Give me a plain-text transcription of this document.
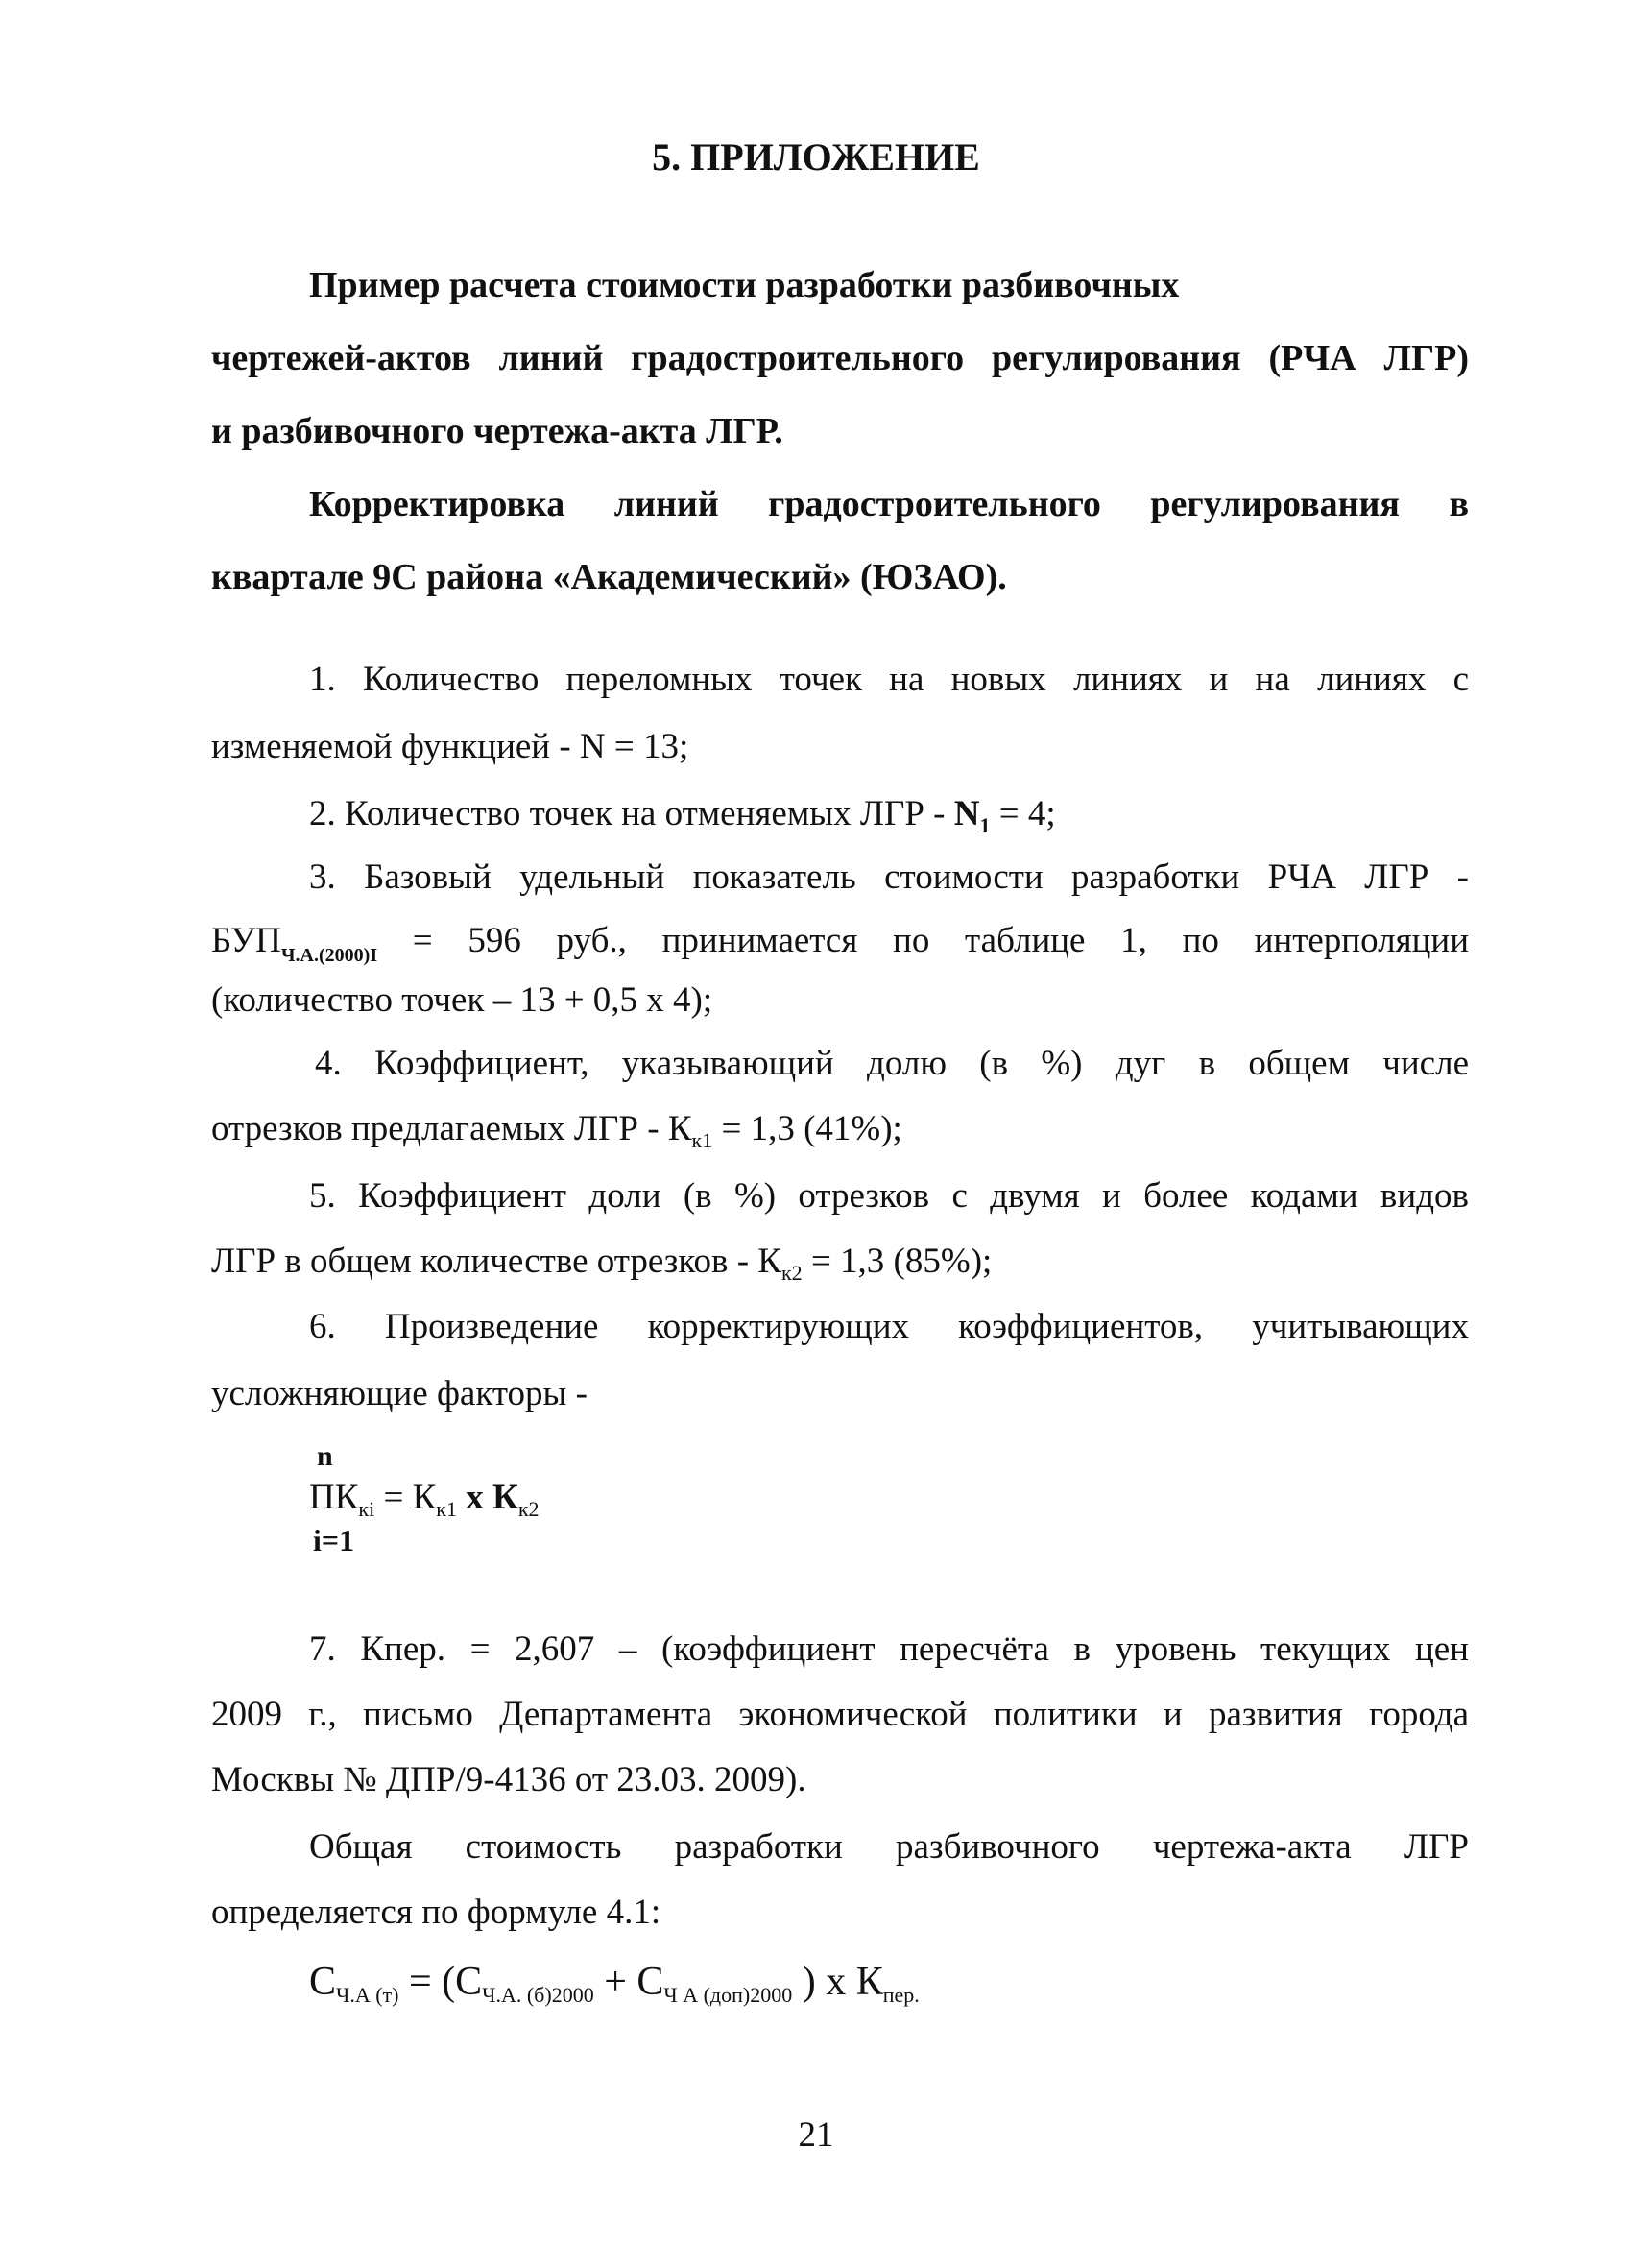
5. ПРИЛОЖЕНИЕ
Пример расчета стоимости разработки разбивочных
чертежей-актов линий градостроительного регулирования (РЧА ЛГР)
и разбивочного чертежа-акта ЛГР.
Корректировка линий градостроительного регулирования в
квартале 9С района «Академический» (ЮЗАО).
1. Количество переломных точек на новых линиях и на линиях с
изменяемой функцией - N = 13;
2. Количество точек на отменяемых ЛГР - $N_1 = 4$;
3. Базовый удельный показатель стоимости разработки РЧА ЛГР -
$БУП_{Ч.А.(2000)I} = 596$ руб., принимается по таблице 1, по интерполяции
(количество точек – 13 + 0,5 х 4);
4. Коэффициент, указывающий долю (в %) дуг в общем числе
отрезков предлагаемых ЛГР - $К_{к1} = 1,3$ (41%);
5. Коэффициент доли (в %) отрезков с двумя и более кодами видов
ЛГР в общем количестве отрезков - $К_{к2} = 1,3$ (85%);
6. Произведение корректирующих коэффициентов, учитывающих
усложняющие факторы -
n
$ПК_{кi} = К_{к1}$ х $К_{к2}$
i=1
7. Кпер. = 2,607 – (коэффициент пересчёта в уровень текущих цен
2009 г., письмо Департамента экономической политики и развития города
Москвы № ДПР/9-4136 от 23.03. 2009).
Общая стоимость разработки разбивочного чертежа-акта ЛГР
определяется по формуле 4.1:
СЧ.А (т) = (СЧ.А. (б)2000 + СЧ А (доп)2000 ) х Кпер.
21
